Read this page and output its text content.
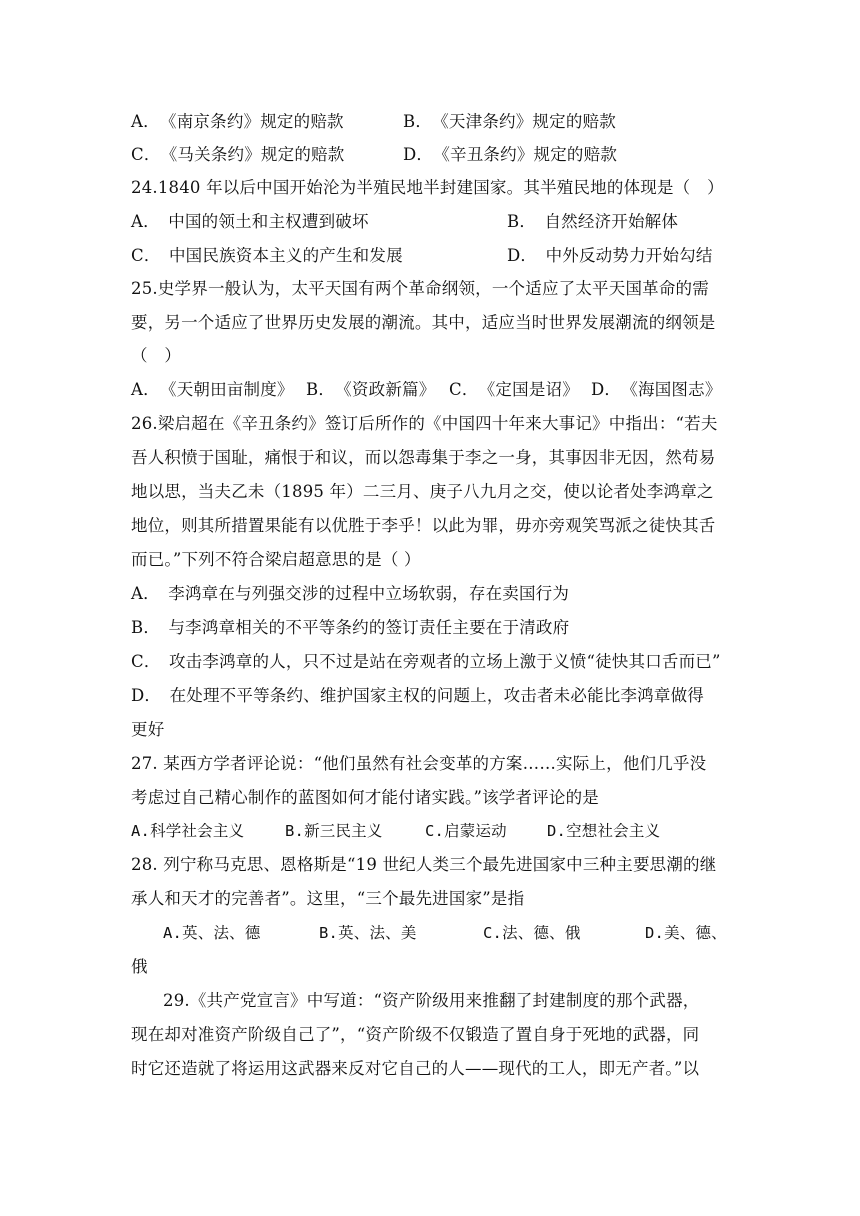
A．　《南京条约》规定的赔款	B．　《天津条约》规定的赔款
C．　《马关条约》规定的赔款	D．　《辛丑条约》规定的赔款
24.1840 年以后中国开始沦为半殖民地半封建国家。其半殖民地的体现是（　）
A．　中国的领土和主权遭到破坏	B．　自然经济开始解体
C．　中国民族资本主义的产生和发展	D．　中外反动势力开始勾结
25.史学界一般认为，太平天国有两个革命纲领，一个适应了太平天国革命的需
要，另一个适应了世界历史发展的潮流。其中，适应当时世界发展潮流的纲领是
（　）
A．　《天朝田亩制度》 B．　《资政新篇》 C．　《定国是诏》 D．　《海国图志》
26.梁启超在《辛丑条约》签订后所作的《中国四十年来大事记》中指出：“若夫
吾人积愤于国耻，痛恨于和议，而以怨毒集于李之一身，其事因非无因，然苟易
地以思，当夫乙未（1895 年）二三月、庚子八九月之交，使以论者处李鸿章之
地位，则其所措置果能有以优胜于李乎！以此为罪，毋亦旁观笑骂派之徒快其舌
而已。”下列不符合梁启超意思的是（ ）
A．　李鸿章在与列强交涉的过程中立场软弱，存在卖国行为
B．　与李鸿章相关的不平等条约的签订责任主要在于清政府
C．　攻击李鸿章的人，只不过是站在旁观者的立场上激于义愤“徒快其口舌而已”
D．　在处理不平等条约、维护国家主权的问题上，攻击者未必能比李鸿章做得
更好
27. 某西方学者评论说：“他们虽然有社会变革的方案……实际上，他们几乎没
考虑过自己精心制作的蓝图如何才能付诸实践。”该学者评论的是
A.科学社会主义	B.新三民主义	C.启蒙运动	D.空想社会主义
28. 列宁称马克思、恩格斯是“19 世纪人类三个最先进国家中三种主要思潮的继
承人和天才的完善者”。这里，“三个最先进国家”是指
A.英、法、德	B.英、法、美	C.法、德、俄	D.美、德、
俄
29.《共产党宣言》中写道：“资产阶级用来推翻了封建制度的那个武器，
现在却对准资产阶级自己了”，“资产阶级不仅锻造了置自身于死地的武器，同
时它还造就了将运用这武器来反对它自己的人——现代的工人，即无产者。”以
